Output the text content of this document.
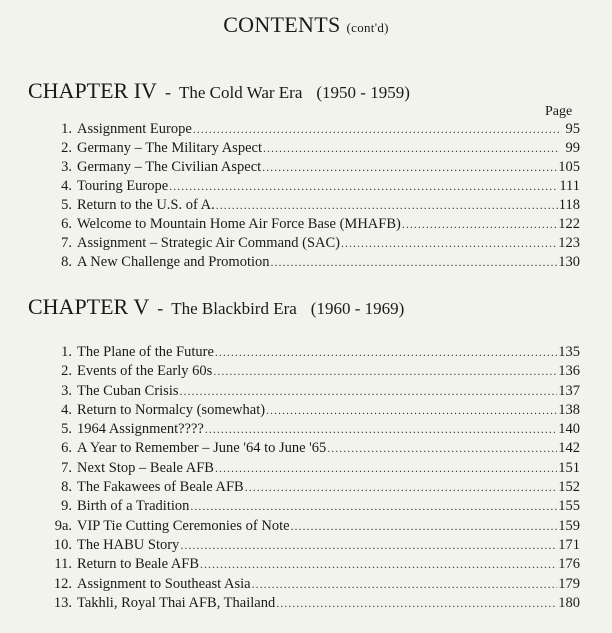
CONTENTS (cont'd)
CHAPTER IV - The Cold War Era (1950 - 1959)
Page
1. Assignment Europe .....	95
2. Germany – The Military Aspect .....	99
3. Germany – The Civilian Aspect .....	105
4. Touring Europe .....	111
5. Return to the U.S. of A. .....	118
6. Welcome to Mountain Home Air Force Base (MHAFB) .....	122
7. Assignment – Strategic Air Command (SAC) .....	123
8. A New Challenge and Promotion .....	130
CHAPTER V - The Blackbird Era (1960 - 1969)
1. The Plane of the Future .....	135
2. Events of the Early 60s .....	136
3. The Cuban Crisis .....	137
4. Return to Normalcy (somewhat) .....	138
5. 1964 Assignment???? .....	140
6. A Year to Remember – June '64 to June '65 .....	142
7. Next Stop – Beale AFB .....	151
8. The Fakawees of Beale AFB .....	152
9. Birth of a Tradition .....	155
9a. VIP Tie Cutting Ceremonies of Note .....	159
10. The HABU Story .....	171
11. Return to Beale AFB .....	176
12. Assignment to Southeast Asia .....	179
13. Takhli, Royal Thai AFB, Thailand .....	180
